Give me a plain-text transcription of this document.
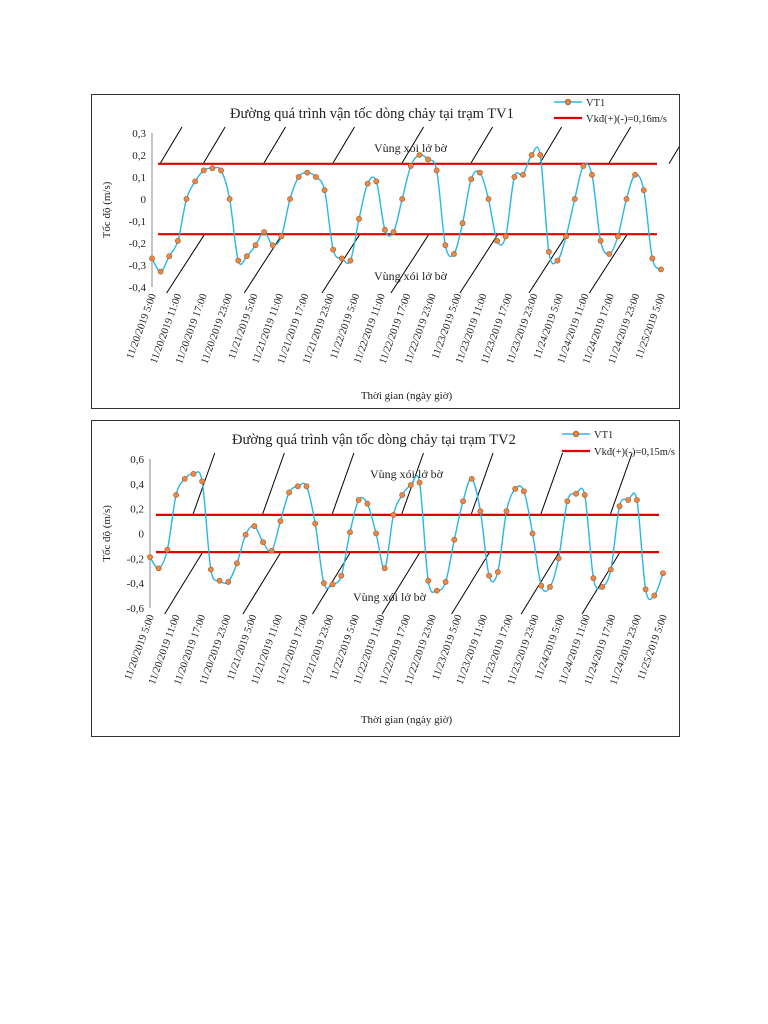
0,3
0,2
0,1
0
-0,1
-0,2
-0,3
-0,4
11/20/2019 5:00
11/20/2019 11:00
11/20/2019 17:00
11/20/2019 23:00
11/21/2019 5:00
11/21/2019 11:00
11/21/2019 17:00
11/21/2019 23:00
11/22/2019 5:00
11/22/2019 11:00
11/22/2019 17:00
11/22/2019 23:00
11/23/2019 5:00
11/23/2019 11:00
11/23/2019 17:00
11/23/2019 23:00
11/24/2019 5:00
11/24/2019 11:00
11/24/2019 17:00
11/24/2019 23:00
11/25/2019 5:00
Đường quá trình vận tốc dòng chảy tại trạm TV1
Tốc độ (m/s)
Thời gian (ngày giờ)
Vùng xói lở bờ
Vùng xói lở bờ
VT1
Vkđ(+)(-)=0,16m/s
0,6
0,4
0,2
0
-0,2
-0,4
-0,6
11/20/2019 5:00
11/20/2019 11:00
11/20/2019 17:00
11/20/2019 23:00
11/21/2019 5:00
11/21/2019 11:00
11/21/2019 17:00
11/21/2019 23:00
11/22/2019 5:00
11/22/2019 11:00
11/22/2019 17:00
11/22/2019 23:00
11/23/2019 5:00
11/23/2019 11:00
11/23/2019 17:00
11/23/2019 23:00
11/24/2019 5:00
11/24/2019 11:00
11/24/2019 17:00
11/24/2019 23:00
11/25/2019 5:00
Đường quá trình vận tốc dòng chảy tại trạm TV2
Tốc độ (m/s)
Thời gian (ngày giờ)
Vùng xói lở bờ
Vùng xói lở bờ
VT1
Vkđ(+)(-)=0,15m/s
